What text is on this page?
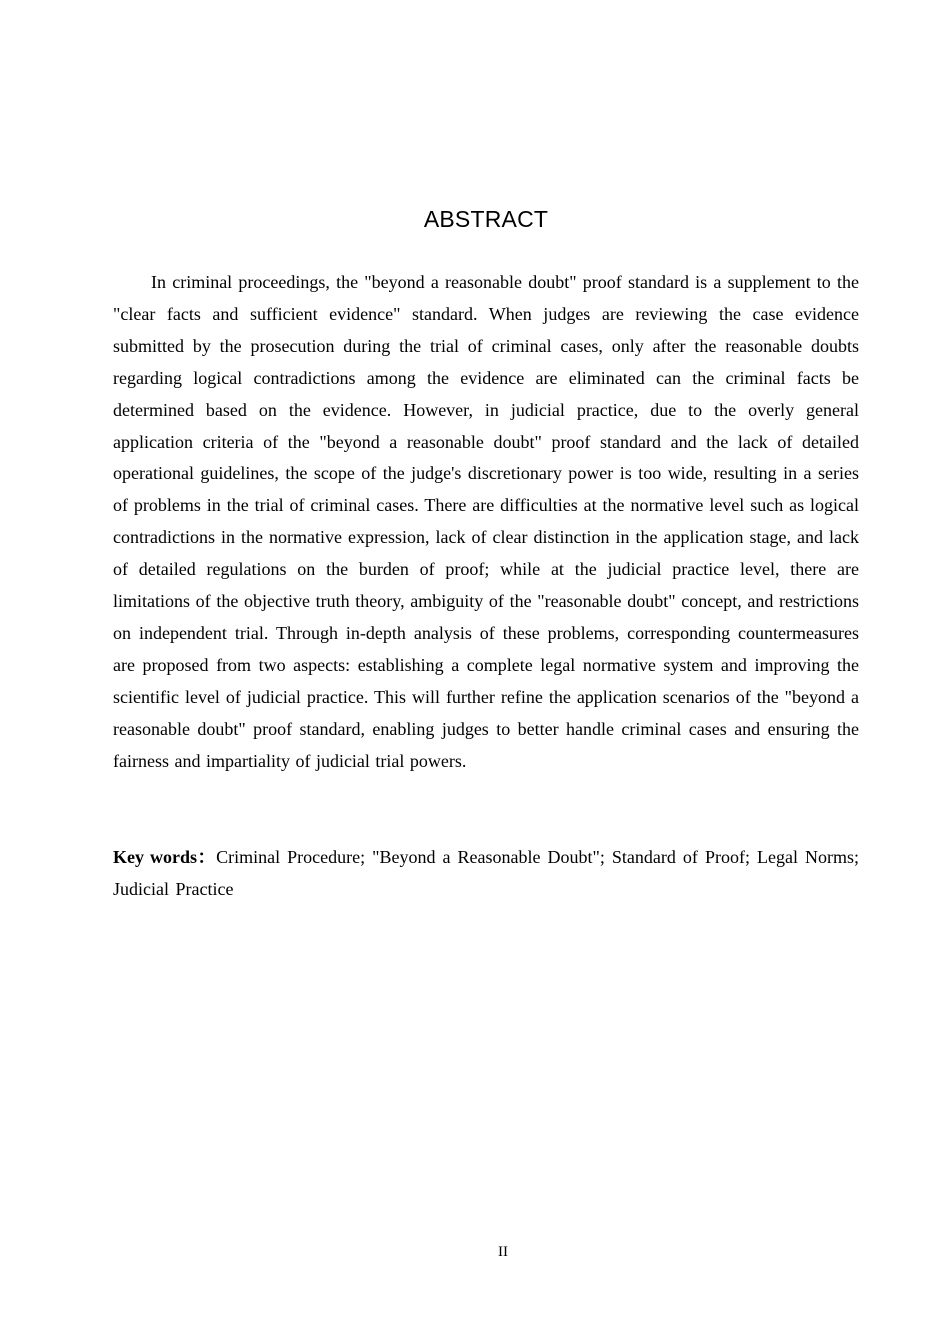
ABSTRACT

In criminal proceedings, the "beyond a reasonable doubt" proof standard is a supplement to the "clear facts and sufficient evidence" standard. When judges are reviewing the case evidence submitted by the prosecution during the trial of criminal cases, only after the reasonable doubts regarding logical contradictions among the evidence are eliminated can the criminal facts be determined based on the evidence. However, in judicial practice, due to the overly general application criteria of the "beyond a reasonable doubt" proof standard and the lack of detailed operational guidelines, the scope of the judge's discretionary power is too wide, resulting in a series of problems in the trial of criminal cases. There are difficulties at the normative level such as logical contradictions in the normative expression, lack of clear distinction in the application stage, and lack of detailed regulations on the burden of proof; while at the judicial practice level, there are limitations of the objective truth theory, ambiguity of the "reasonable doubt" concept, and restrictions on independent trial. Through in-depth analysis of these problems, corresponding countermeasures are proposed from two aspects: establishing a complete legal normative system and improving the scientific level of judicial practice. This will further refine the application scenarios of the "beyond a reasonable doubt" proof standard, enabling judges to better handle criminal cases and ensuring the fairness and impartiality of judicial trial powers.

Key words：Criminal Procedure; "Beyond a Reasonable Doubt"; Standard of Proof; Legal Norms; Judicial Practice

II
